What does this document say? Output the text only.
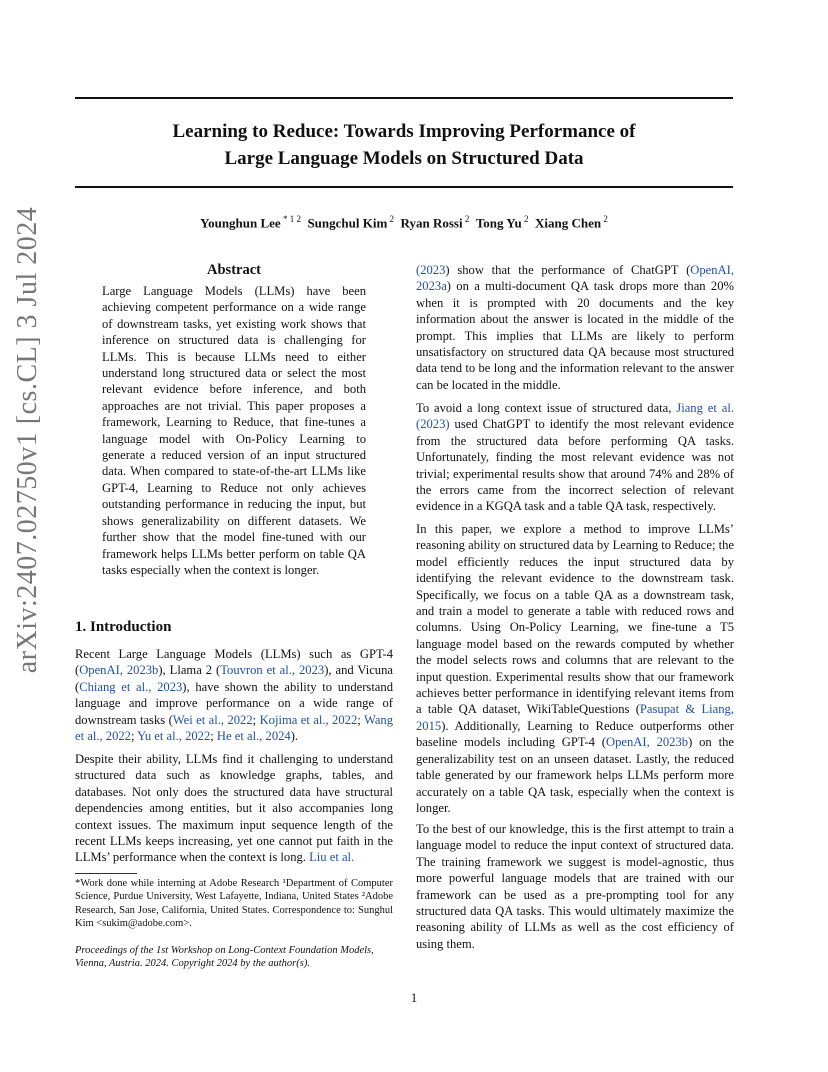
arXiv:2407.02750v1 [cs.CL] 3 Jul 2024
Learning to Reduce: Towards Improving Performance of
Large Language Models on Structured Data
Younghun Lee $^{* 1 2}$  Sungchul Kim $^2$  Ryan Rossi $^2$  Tong Yu $^2$  Xiang Chen $^2$
Abstract
Large Language Models (LLMs) have been achieving competent performance on a wide range of downstream tasks, yet existing work shows that inference on structured data is challenging for LLMs. This is because LLMs need to either understand long structured data or select the most relevant evidence before inference, and both approaches are not trivial. This paper proposes a framework, Learning to Reduce, that fine-tunes a language model with On-Policy Learning to generate a reduced version of an input structured data. When compared to state-of-the-art LLMs like GPT-4, Learning to Reduce not only achieves outstanding performance in reducing the input, but shows generalizability on different datasets. We further show that the model fine-tuned with our framework helps LLMs better perform on table QA tasks especially when the context is longer.
1. Introduction

Recent Large Language Models (LLMs) such as GPT-4 (OpenAI, 2023b), Llama 2 (Touvron et al., 2023), and Vicuna (Chiang et al., 2023), have shown the ability to understand language and improve performance on a wide range of downstream tasks (Wei et al., 2022; Kojima et al., 2022; Wang et al., 2022; Yu et al., 2022; He et al., 2024).

Despite their ability, LLMs find it challenging to understand structured data such as knowledge graphs, tables, and databases. Not only does the structured data have structural dependencies among entities, but it also accompanies long context issues. The maximum input sequence length of the recent LLMs keeps increasing, yet one cannot put faith in the LLMs’ performance when the context is long. Liu et al.

*Work done while interning at Adobe Research ¹Department of Computer Science, Purdue University, West Lafayette, Indiana, United States ²Adobe Research, San Jose, California, United States. Correspondence to: Sunghul Kim <sukim@adobe.com>.
Proceedings of the 1st Workshop on Long-Context Foundation Models, Vienna, Austria. 2024. Copyright 2024 by the author(s).

(2023) show that the performance of ChatGPT (OpenAI, 2023a) on a multi-document QA task drops more than 20% when it is prompted with 20 documents and the key information about the answer is located in the middle of the prompt. This implies that LLMs are likely to perform unsatisfactory on structured data QA because most structured data tend to be long and the information relevant to the answer can be located in the middle.

To avoid a long context issue of structured data, Jiang et al. (2023) used ChatGPT to identify the most relevant evidence from the structured data before performing QA tasks. Unfortunately, finding the most relevant evidence was not trivial; experimental results show that around 74% and 28% of the errors came from the incorrect selection of relevant evidence in a KGQA task and a table QA task, respectively.

In this paper, we explore a method to improve LLMs’ reasoning ability on structured data by Learning to Reduce; the model efficiently reduces the input structured data by identifying the relevant evidence to the downstream task. Specifically, we focus on a table QA as a downstream task, and train a model to generate a table with reduced rows and columns. Using On-Policy Learning, we fine-tune a T5 language model based on the rewards computed by whether the model selects rows and columns that are relevant to the input question. Experimental results show that our framework achieves better performance in identifying relevant items from a table QA dataset, WikiTableQuestions (Pasupat & Liang, 2015). Additionally, Learning to Reduce outperforms other baseline models including GPT-4 (OpenAI, 2023b) on the generalizability test on an unseen dataset. Lastly, the reduced table generated by our framework helps LLMs perform more accurately on a table QA task, especially when the context is longer.

To the best of our knowledge, this is the first attempt to train a language model to reduce the input context of structured data. The training framework we suggest is model-agnostic, thus more powerful language models that are trained with our framework can be used as a pre-prompting tool for any structured data QA tasks. This would ultimately maximize the reasoning ability of LLMs as well as the cost efficiency of using them.

1
